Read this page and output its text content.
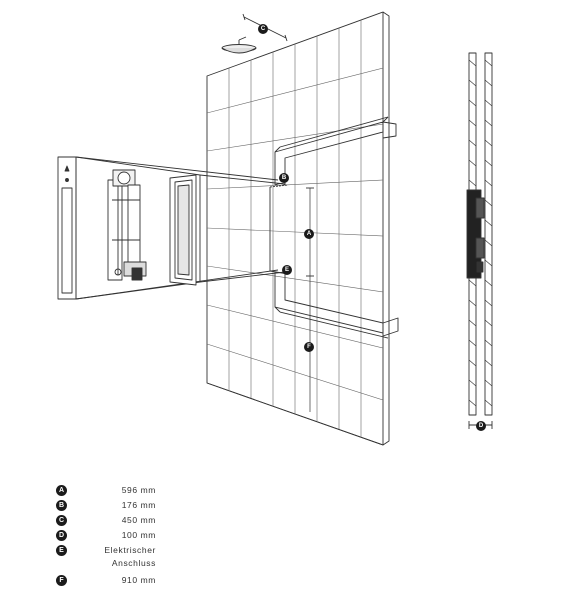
C
B
A
E
F
D
A	596 mm
B	176 mm
C	450 mm
D	100 mm
E	Elektrischer Anschluss
F	910 mm
